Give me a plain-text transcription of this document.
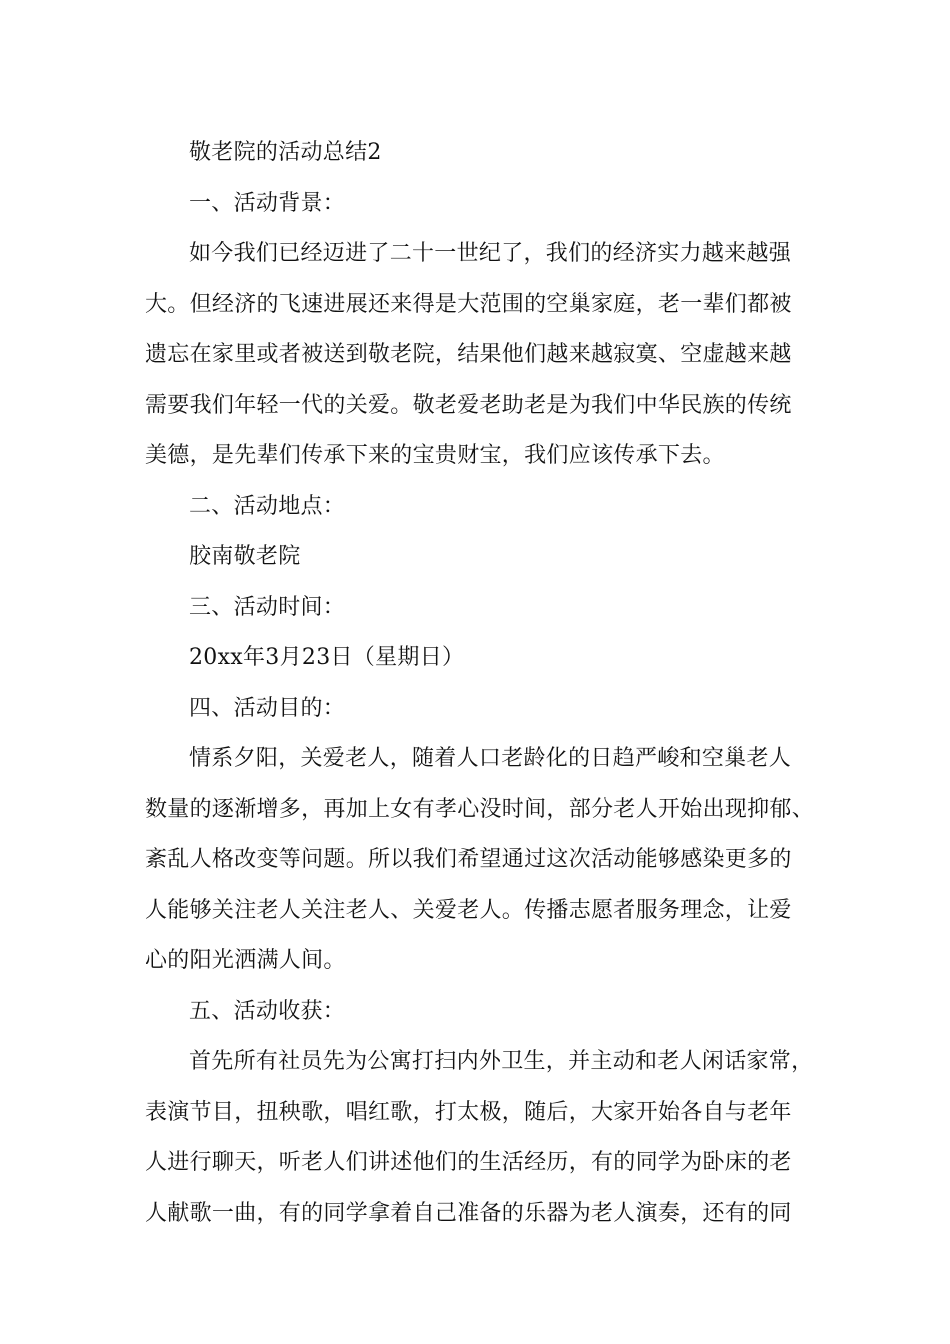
敬老院的活动总结2
一、活动背景：
如今我们已经迈进了二十一世纪了，我们的经济实力越来越强
大。但经济的飞速进展还来得是大范围的空巢家庭，老一辈们都被
遗忘在家里或者被送到敬老院，结果他们越来越寂寞、空虚越来越
需要我们年轻一代的关爱。敬老爱老助老是为我们中华民族的传统
美德，是先辈们传承下来的宝贵财宝，我们应该传承下去。
二、活动地点：
胶南敬老院
三、活动时间：
20xx年3月23日（星期日）
四、活动目的：
情系夕阳，关爱老人，随着人口老龄化的日趋严峻和空巢老人
数量的逐渐增多，再加上女有孝心没时间，部分老人开始出现抑郁、
紊乱人格改变等问题。所以我们希望通过这次活动能够感染更多的
人能够关注老人关注老人、关爱老人。传播志愿者服务理念，让爱
心的阳光洒满人间。
五、活动收获：
首先所有社员先为公寓打扫内外卫生，并主动和老人闲话家常，
表演节目，扭秧歌，唱红歌，打太极，随后，大家开始各自与老年
人进行聊天，听老人们讲述他们的生活经历，有的同学为卧床的老
人献歌一曲，有的同学拿着自己准备的乐器为老人演奏，还有的同
